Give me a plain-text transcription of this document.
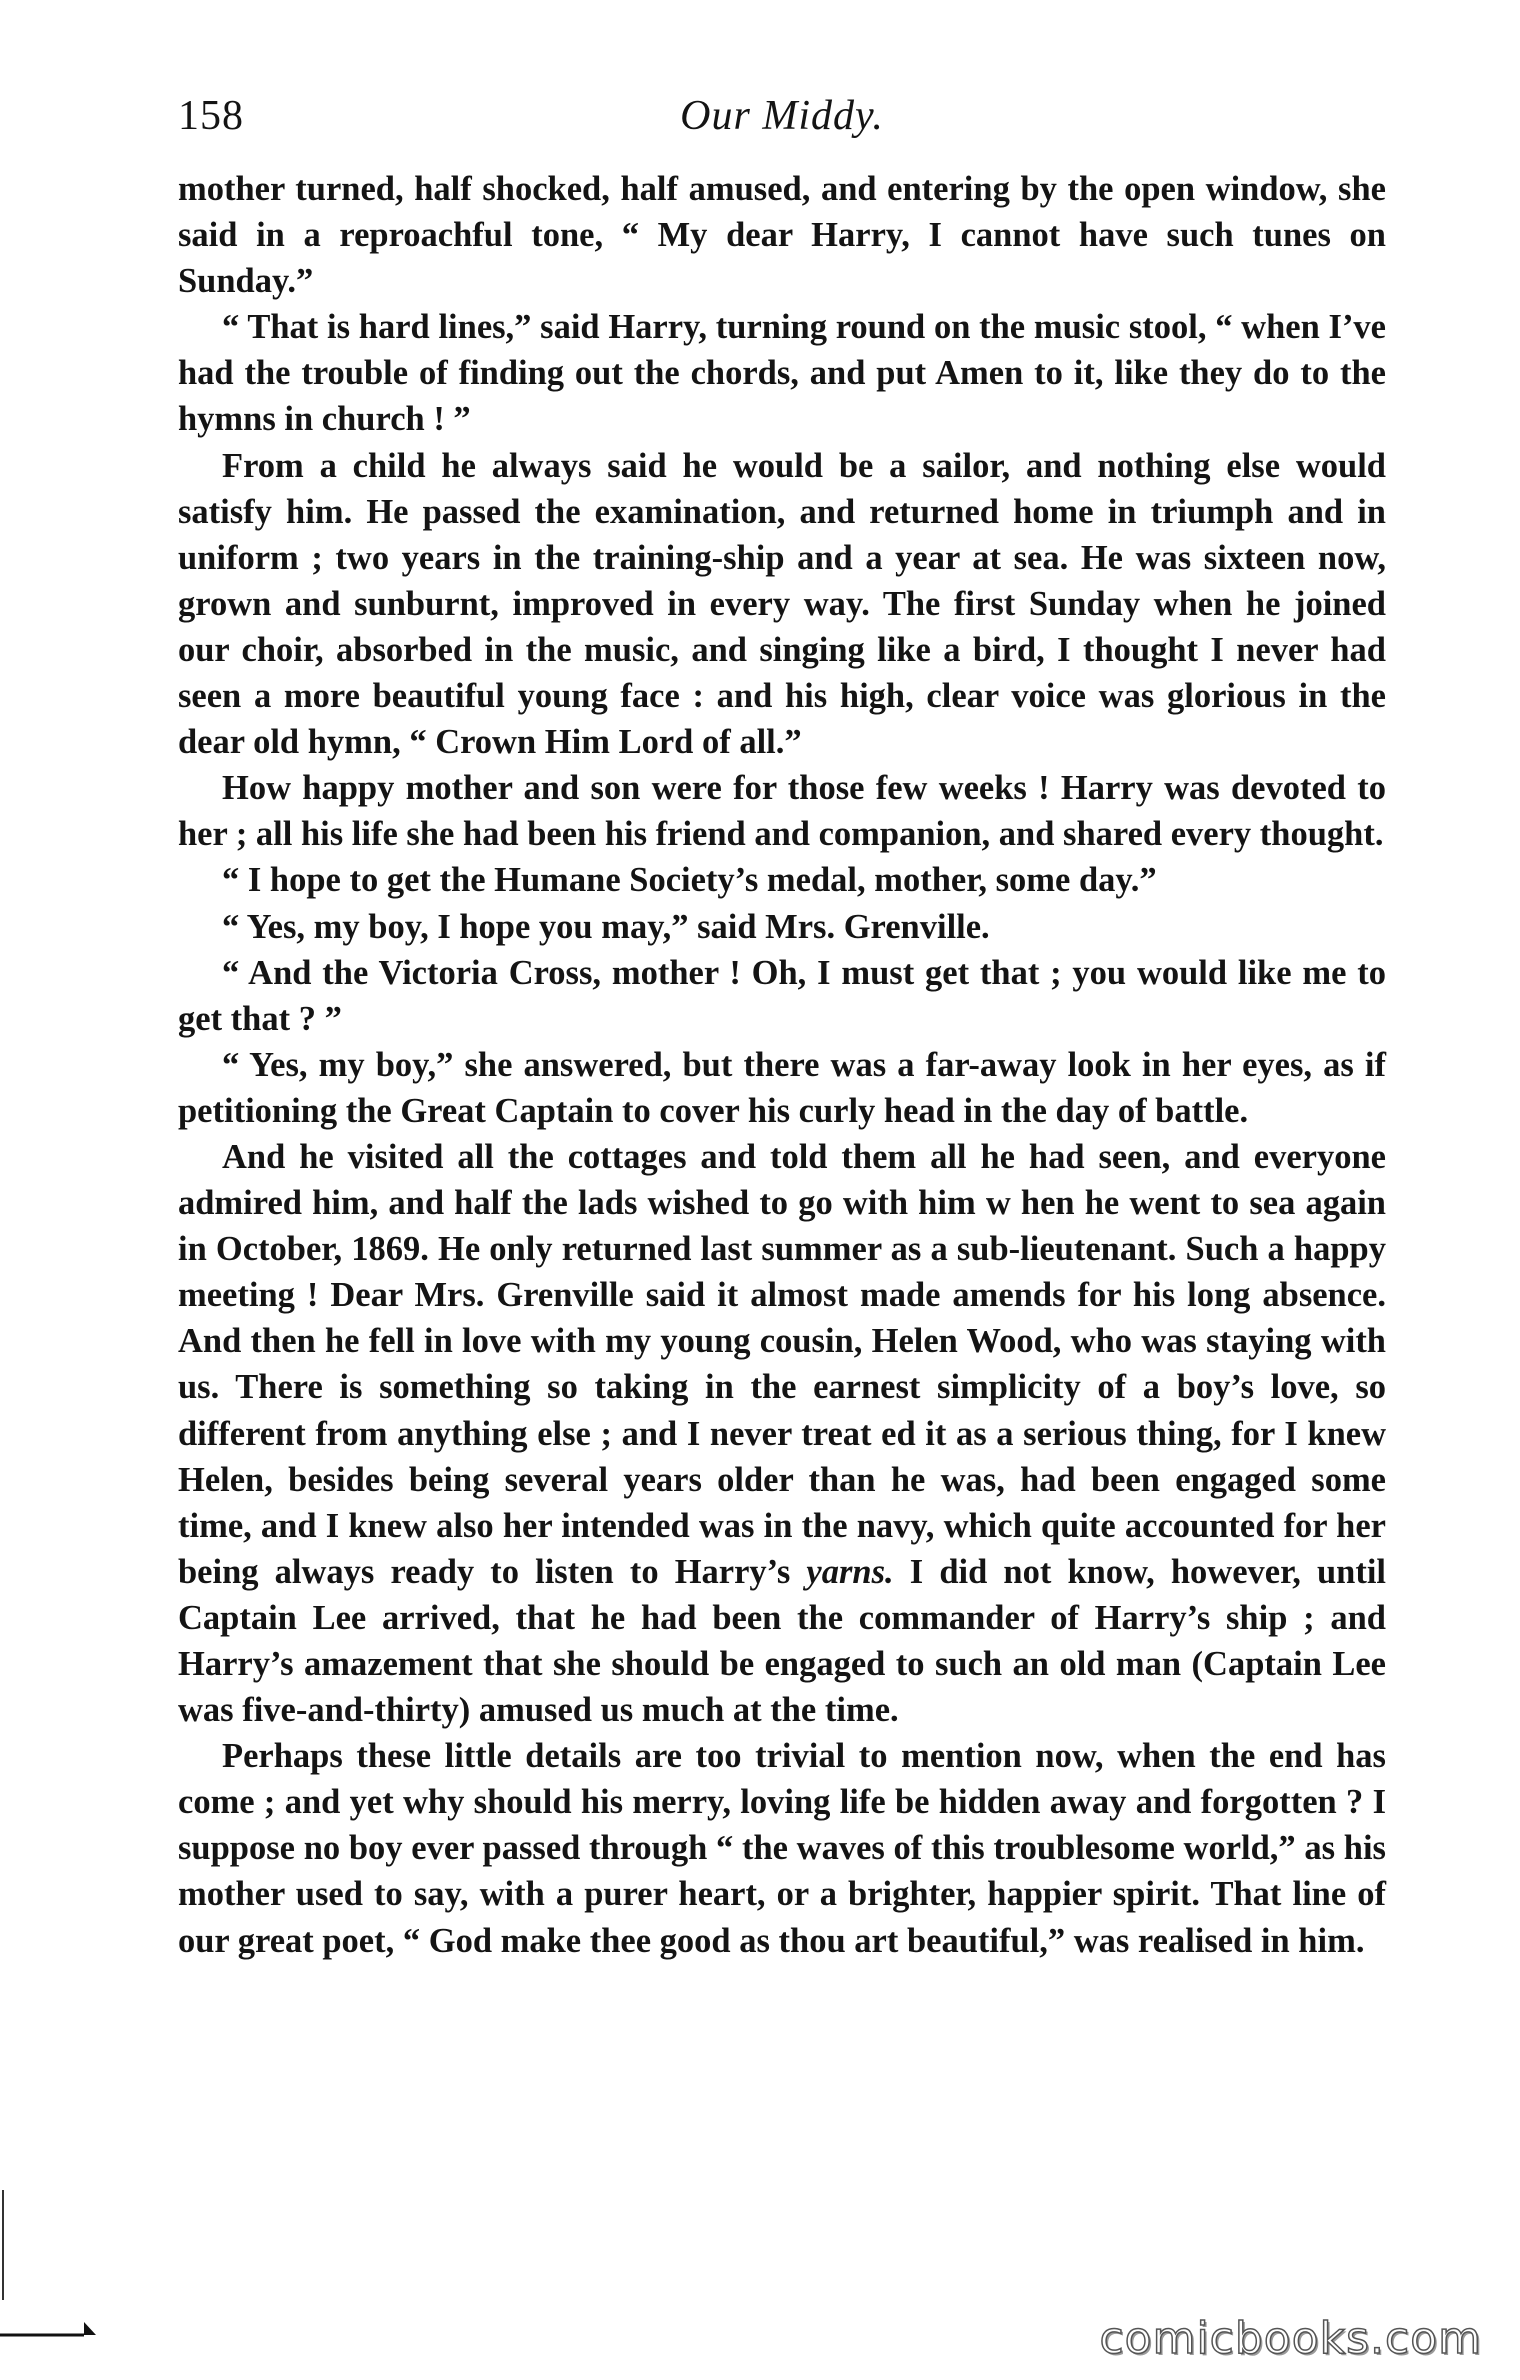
158	Our Middy.

mother turned, half shocked, half amused, and entering by the open window, she said in a reproachful tone, “ My dear Harry, I cannot have such tunes on Sunday.”

“ That is hard lines,” said Harry, turning round on the music stool, “ when I’ve had the trouble of finding out the chords, and put Amen to it, like they do to the hymns in church ! ”

From a child he always said he would be a sailor, and nothing else would satisfy him. He passed the examination, and returned home in triumph and in uniform ; two years in the training-ship and a year at sea. He was sixteen now, grown and sunburnt, improved in every way. The first Sunday when he joined our choir, absorbed in the music, and singing like a bird, I thought I never had seen a more beautiful young face : and his high, clear voice was glorious in the dear old hymn, “ Crown Him Lord of all.”

How happy mother and son were for those few weeks ! Harry was devoted to her ; all his life she had been his friend and companion, and shared every thought.

“ I hope to get the Humane Society’s medal, mother, some day.”

“ Yes, my boy, I hope you may,” said Mrs. Grenville.

“ And the Victoria Cross, mother ! Oh, I must get that ; you would like me to get that ? ”

“ Yes, my boy,” she answered, but there was a far-away look in her eyes, as if petitioning the Great Captain to cover his curly head in the day of battle.

And he visited all the cottages and told them all he had seen, and everyone admired him, and half the lads wished to go with him w hen he went to sea again in October, 1869. He only returned last summer as a sub-lieutenant. Such a happy meeting ! Dear Mrs. Grenville said it almost made amends for his long absence. And then he fell in love with my young cousin, Helen Wood, who was staying with us. There is something so taking in the earnest simplicity of a boy’s love, so different from anything else ; and I never treat ed it as a serious thing, for I knew Helen, besides being several years older than he was, had been engaged some time, and I knew also her intended was in the navy, which quite accounted for her being always ready to listen to Harry’s yarns. I did not know, however, until Captain Lee arrived, that he had been the commander of Harry’s ship ; and Harry’s amazement that she should be engaged to such an old man (Captain Lee was five-and-thirty) amused us much at the time.

Perhaps these little details are too trivial to mention now, when the end has come ; and yet why should his merry, loving life be hidden away and forgotten ? I suppose no boy ever passed through “ the waves of this troublesome world,” as his mother used to say, with a purer heart, or a brighter, happier spirit. That line of our great poet, “ God make thee good as thou art beautiful,” was realised in him.

comicbooks.com
